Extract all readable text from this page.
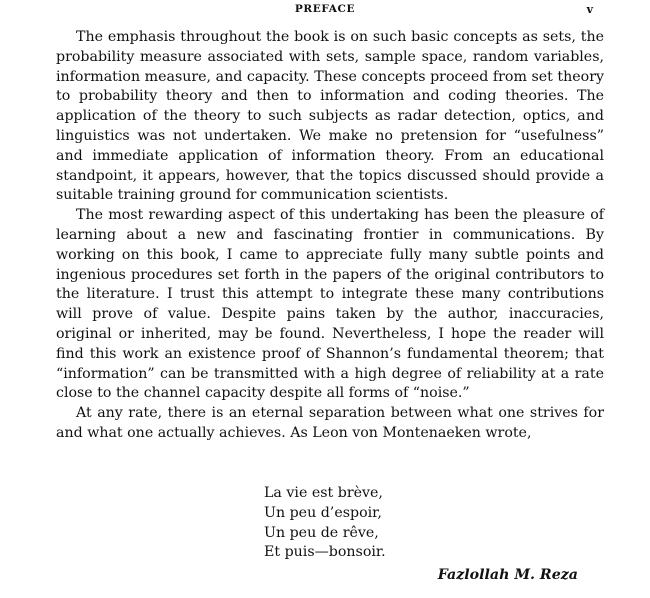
PREFACE	v

The emphasis throughout the book is on such basic concepts as sets, the probability measure associated with sets, sample space, random variables, information measure, and capacity. These concepts proceed from set theory to probability theory and then to information and coding theories. The application of the theory to such subjects as radar detection, optics, and linguistics was not undertaken. We make no pretension for “usefulness” and immediate application of information theory. From an educational standpoint, it appears, however, that the topics discussed should provide a suitable training ground for communication scientists.

The most rewarding aspect of this undertaking has been the pleasure of learning about a new and fascinating frontier in communications. By working on this book, I came to appreciate fully many subtle points and ingenious procedures set forth in the papers of the original contributors to the literature. I trust this attempt to integrate these many contributions will prove of value. Despite pains taken by the author, inaccuracies, original or inherited, may be found. Nevertheless, I hope the reader will find this work an existence proof of Shannon’s fundamental theorem; that “information” can be transmitted with a high degree of reliability at a rate close to the channel capacity despite all forms of “noise.”

At any rate, there is an eternal separation between what one strives for and what one actually achieves. As Leon von Montenaeken wrote,

La vie est brève,
Un peu d’espoir,
Un peu de rêve,
Et puis—bonsoir.
Fazlollah M. Reza
